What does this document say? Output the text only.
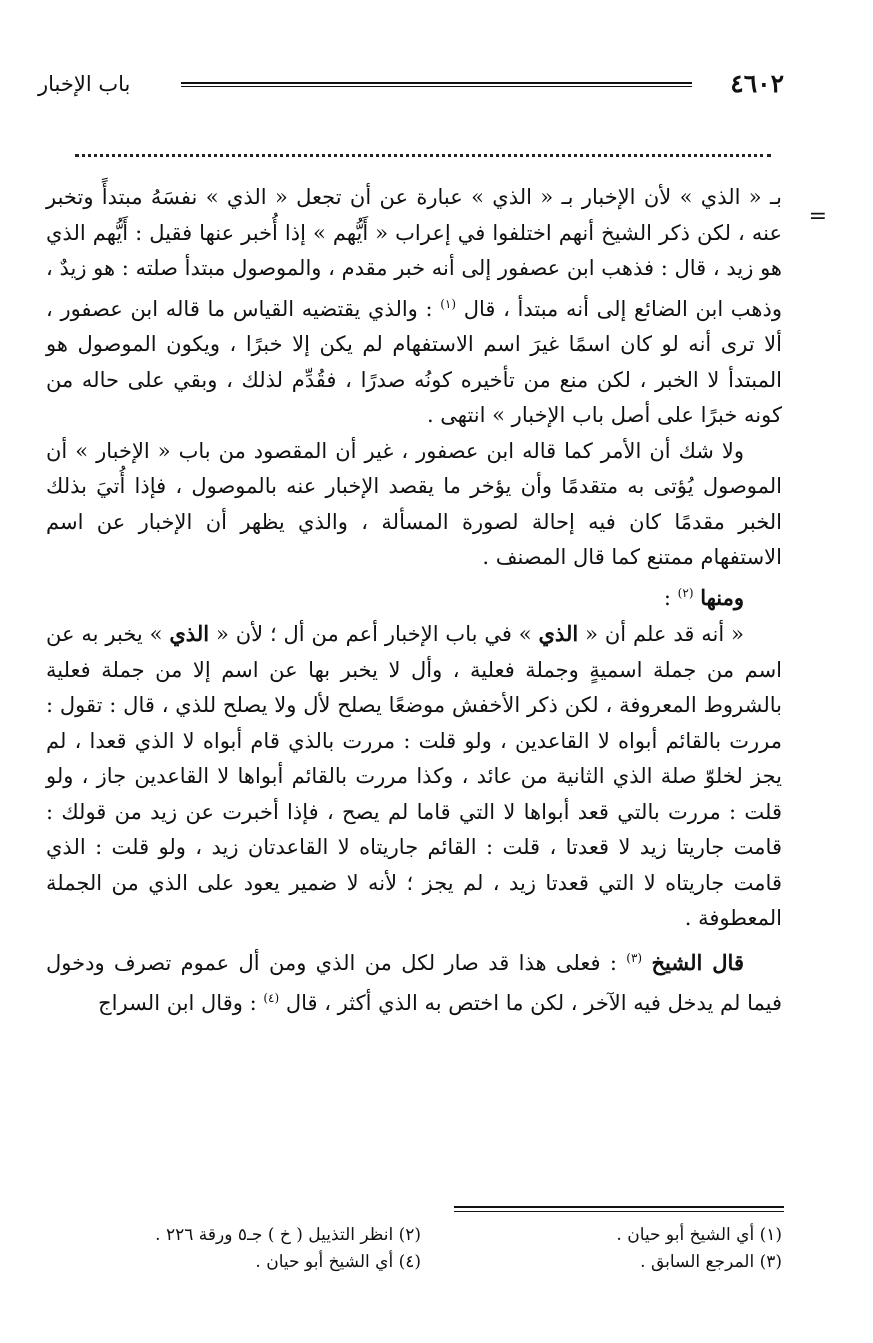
٤٦٠٢
باب الإخبار
=

بـ « الذي » لأن الإخبار بـ « الذي » عبارة عن أن تجعل « الذي » نفسَهُ مبتدأً وتخبر عنه ، لكن ذكر الشيخ أنهم اختلفوا في إعراب « أَيُّهم » إذا أُخبر عنها فقيل : أَيُّهم الذي هو زيد ، قال : فذهب ابن عصفور إلى أنه خبر مقدم ، والموصول مبتدأ صلته : هو زيدٌ ، وذهب ابن الضائع إلى أنه مبتدأ ، قال $^{(١)}$ : والذي يقتضيه القياس ما قاله ابن عصفور ، ألا ترى أنه لو كان اسمًا غيرَ اسم الاستفهام لم يكن إلا خبرًا ، ويكون الموصول هو المبتدأ لا الخبر ، لكن منع من تأخيره كونُه صدرًا ، فقُدِّم لذلك ، وبقي على حاله من كونه خبرًا على أصل باب الإخبار » انتهى .

ولا شك أن الأمر كما قاله ابن عصفور ، غير أن المقصود من باب « الإخبار » أن الموصول يُؤتى به متقدمًا وأن يؤخر ما يقصد الإخبار عنه بالموصول ، فإذا أُتيَ بذلك الخبر مقدمًا كان فيه إحالة لصورة المسألة ، والذي يظهر أن الإخبار عن اسم الاستفهام ممتنع كما قال المصنف .

ومنها $^{(٢)}$ :

« أنه قد علم أن « الذي » في باب الإخبار أعم من أل ؛ لأن « الذي » يخبر به عن اسم من جملة اسميةٍ وجملة فعلية ، وأل لا يخبر بها عن اسم إلا من جملة فعلية بالشروط المعروفة ، لكن ذكر الأخفش موضعًا يصلح لأل ولا يصلح للذي ، قال : تقول : مررت بالقائم أبواه لا القاعدين ، ولو قلت : مررت بالذي قام أبواه لا الذي قعدا ، لم يجز لخلوّ صلة الذي الثانية من عائد ، وكذا مررت بالقائم أبواها لا القاعدين جاز ، ولو قلت : مررت بالتي قعد أبواها لا التي قاما لم يصح ، فإذا أخبرت عن زيد من قولك : قامت جاريتا زيد لا قعدتا ، قلت : القائم جاريتاه لا القاعدتان زيد ، ولو قلت : الذي قامت جاريتاه لا التي قعدتا زيد ، لم يجز ؛ لأنه لا ضمير يعود على الذي من الجملة المعطوفة .

قال الشيخ $^{(٣)}$ : فعلى هذا قد صار لكل من الذي ومن أل عموم تصرف ودخول فيما لم يدخل فيه الآخر ، لكن ما اختص به الذي أكثر ، قال $^{(٤)}$ : وقال ابن السراج

(١) أي الشيخ أبو حيان .
(٢) انظر التذييل ( خ ) جـ٥ ورقة ٢٢٦ .
(٣) المرجع السابق .
(٤) أي الشيخ أبو حيان .
